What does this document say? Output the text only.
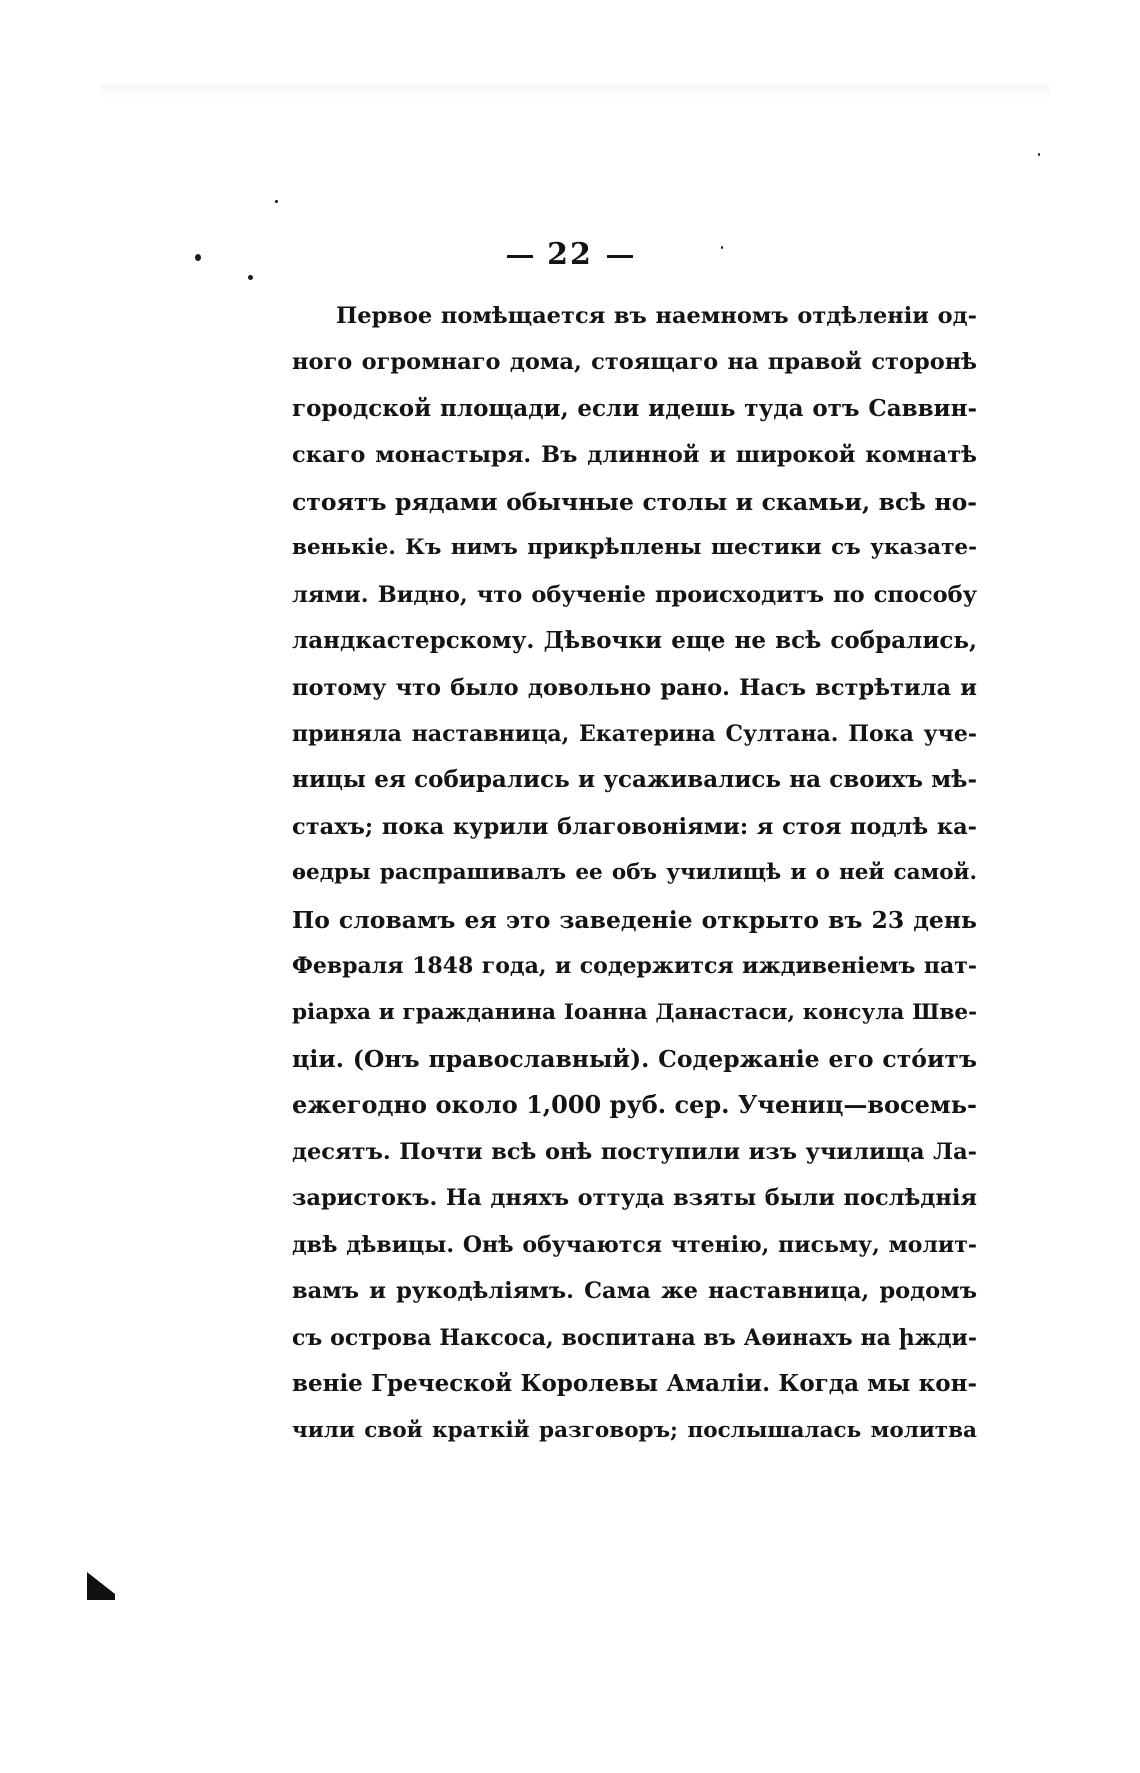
22
Первое помѣщается въ наемномъ отдѣленіи од-
ного огромнаго дома, стоящаго на правой сторонѣ
городской площади, если идешь туда отъ Саввин-
скаго монастыря. Въ длинной и широкой комнатѣ
стоятъ рядами обычные столы и скамьи, всѣ но-
венькіе. Къ нимъ прикрѣплены шестики съ указате-
лями. Видно, что обученіе происходитъ по способу
ландкастерскому. Дѣвочки еще не всѣ собрались,
потому что было довольно рано. Насъ встрѣтила и
приняла наставница, Екатерина Султана. Пока уче-
ницы ея собирались и усаживались на своихъ мѣ-
стахъ; пока курили благовоніями: я стоя подлѣ ка-
ѳедры распрашивалъ ее объ училищѣ и о ней самой.
По словамъ ея это заведеніе открыто въ 23 день
Февраля 1848 года, и содержится иждивеніемъ пат-
ріарха и гражданина Іоанна Данастаси, консула Шве-
ціи. (Онъ православный). Содержаніе его стóитъ
ежегодно около 1,000 руб. сер. Учениц—восемь-
десятъ. Почти всѣ онѣ поступили изъ училища Ла-
заристокъ. На дняхъ оттуда взяты были послѣднія
двѣ дѣвицы. Онѣ обучаются чтенію, письму, молит-
вамъ и рукодѣліямъ. Сама же наставница, родомъ
съ острова Наксоса, воспитана въ Аѳинахъ на իжди-
веніе Греческой Королевы Амаліи. Когда мы кон-
чили свой краткій разговоръ; послышалась молитва
